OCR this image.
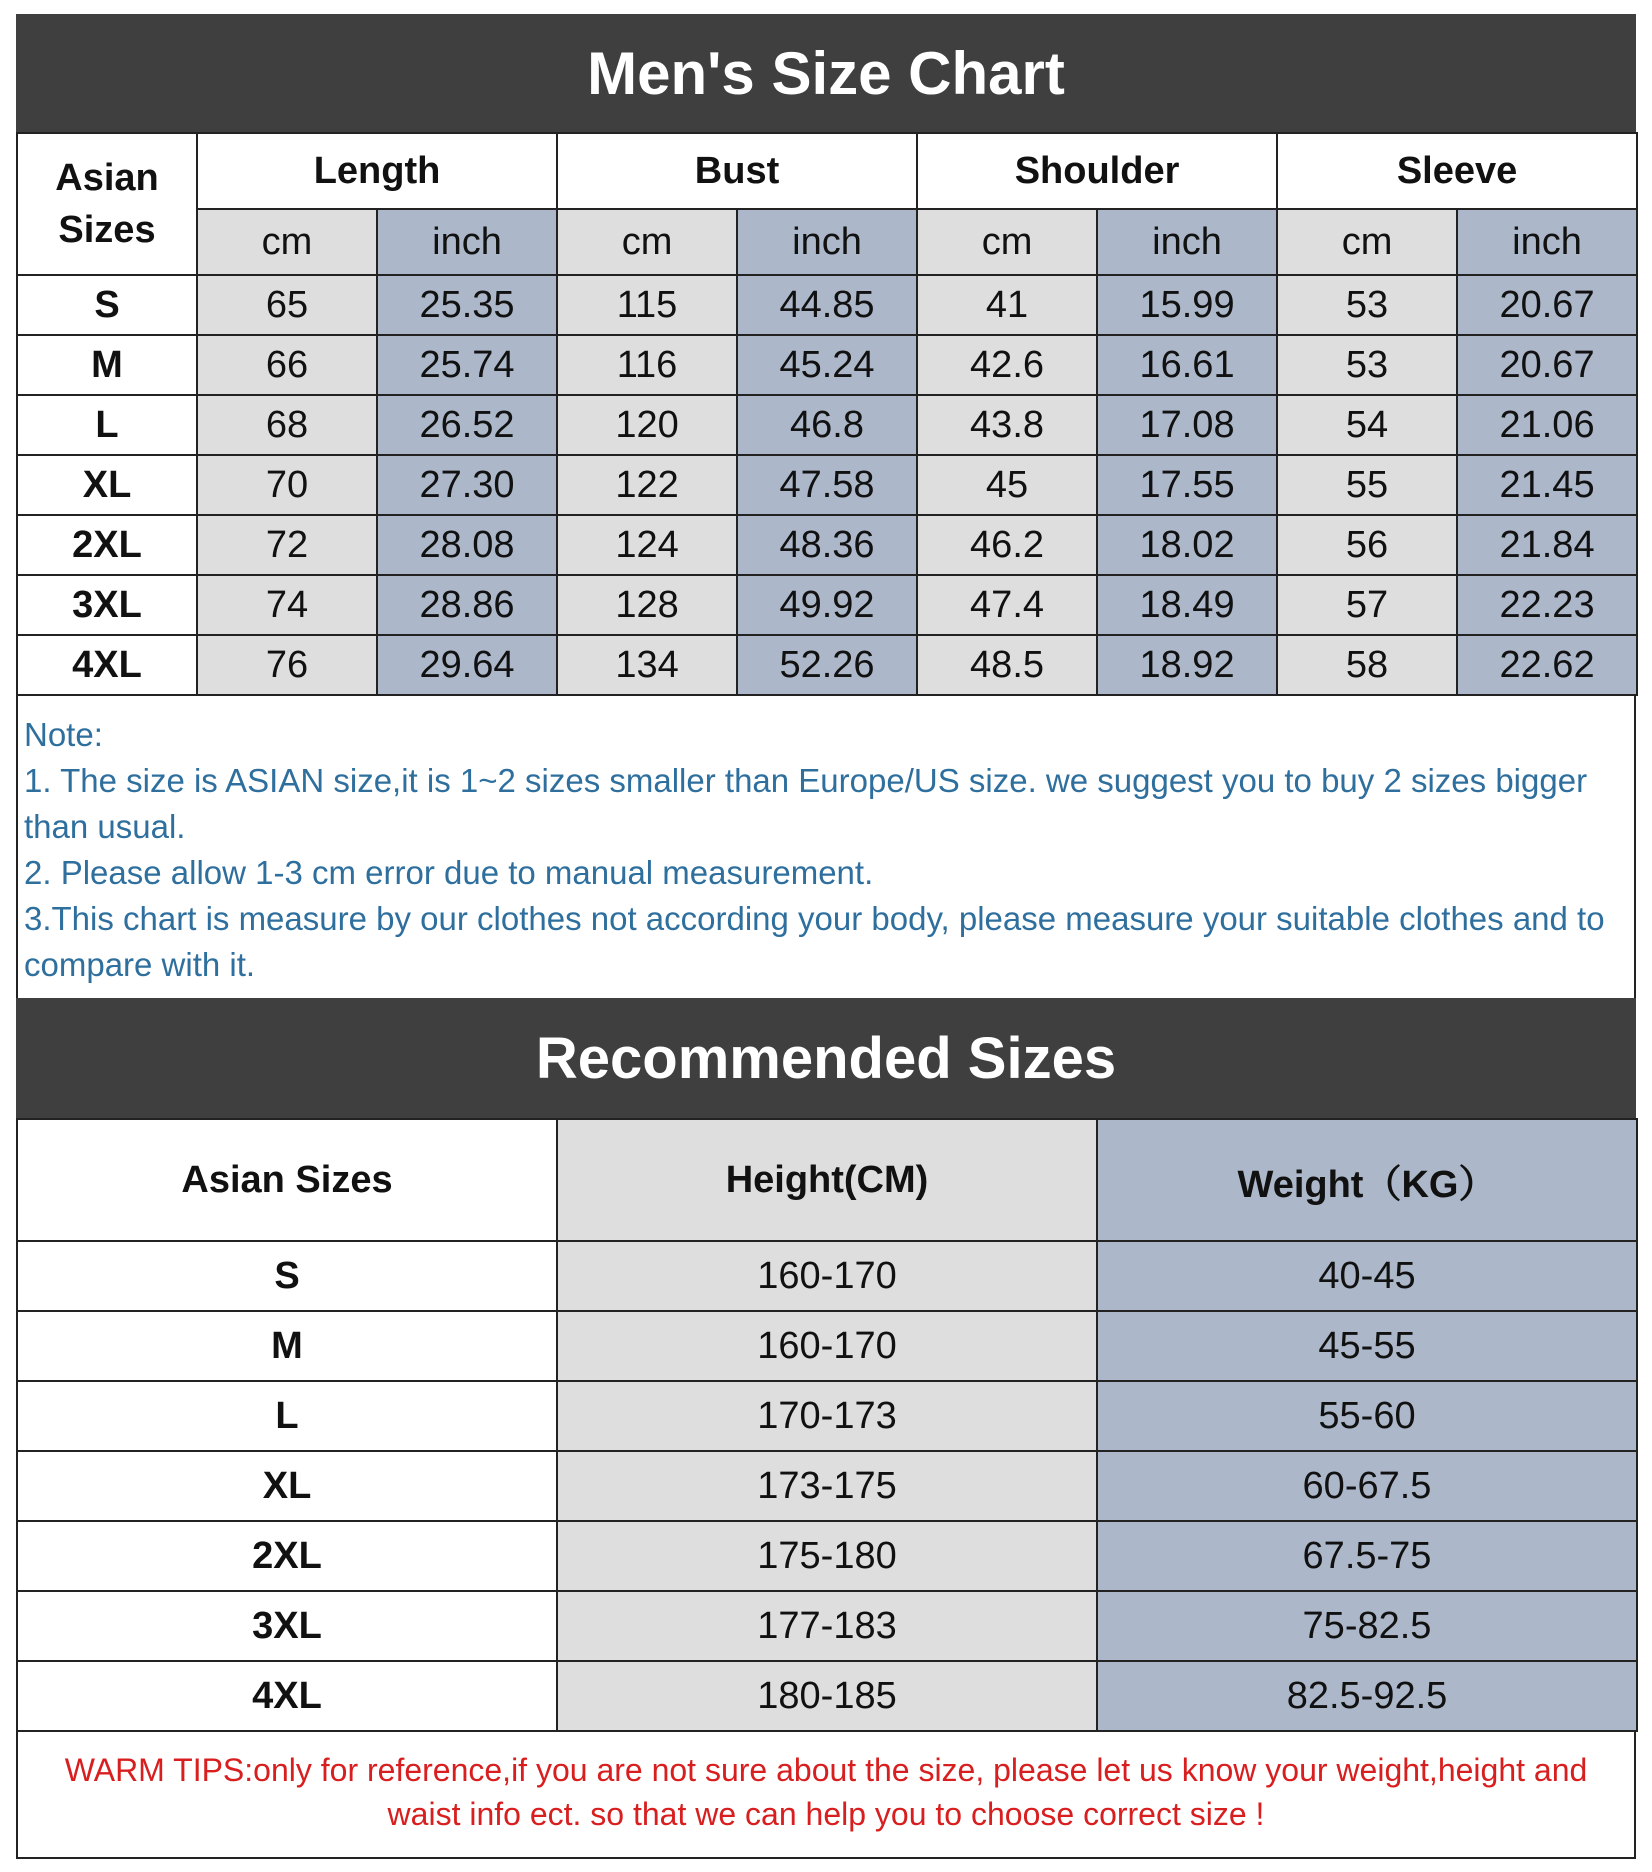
Men's Size Chart
Asian Sizes	Length		Bust		Shoulder		Sleeve	
	cm	inch	cm	inch	cm	inch	cm	inch
S	65	25.35	115	44.85	41	15.99	53	20.67
M	66	25.74	116	45.24	42.6	16.61	53	20.67
L	68	26.52	120	46.8	43.8	17.08	54	21.06
XL	70	27.30	122	47.58	45	17.55	55	21.45
2XL	72	28.08	124	48.36	46.2	18.02	56	21.84
3XL	74	28.86	128	49.92	47.4	18.49	57	22.23
4XL	76	29.64	134	52.26	48.5	18.92	58	22.62
Note:
1. The size is ASIAN size,it is 1~2 sizes smaller than Europe/US size. we suggest you to buy 2 sizes bigger than usual.
2. Please allow 1-3 cm error due to manual measurement.
3.This chart is measure by our clothes not according your body, please measure your suitable clothes and to compare with it.
Recommended Sizes
Asian Sizes	Height(CM)	Weight（KG）
S	160-170	40-45
M	160-170	45-55
L	170-173	55-60
XL	173-175	60-67.5
2XL	175-180	67.5-75
3XL	177-183	75-82.5
4XL	180-185	82.5-92.5
WARM TIPS:only for reference,if you are not sure about the size, please let us know your weight,height and waist info ect. so that we can help you to choose correct size !
